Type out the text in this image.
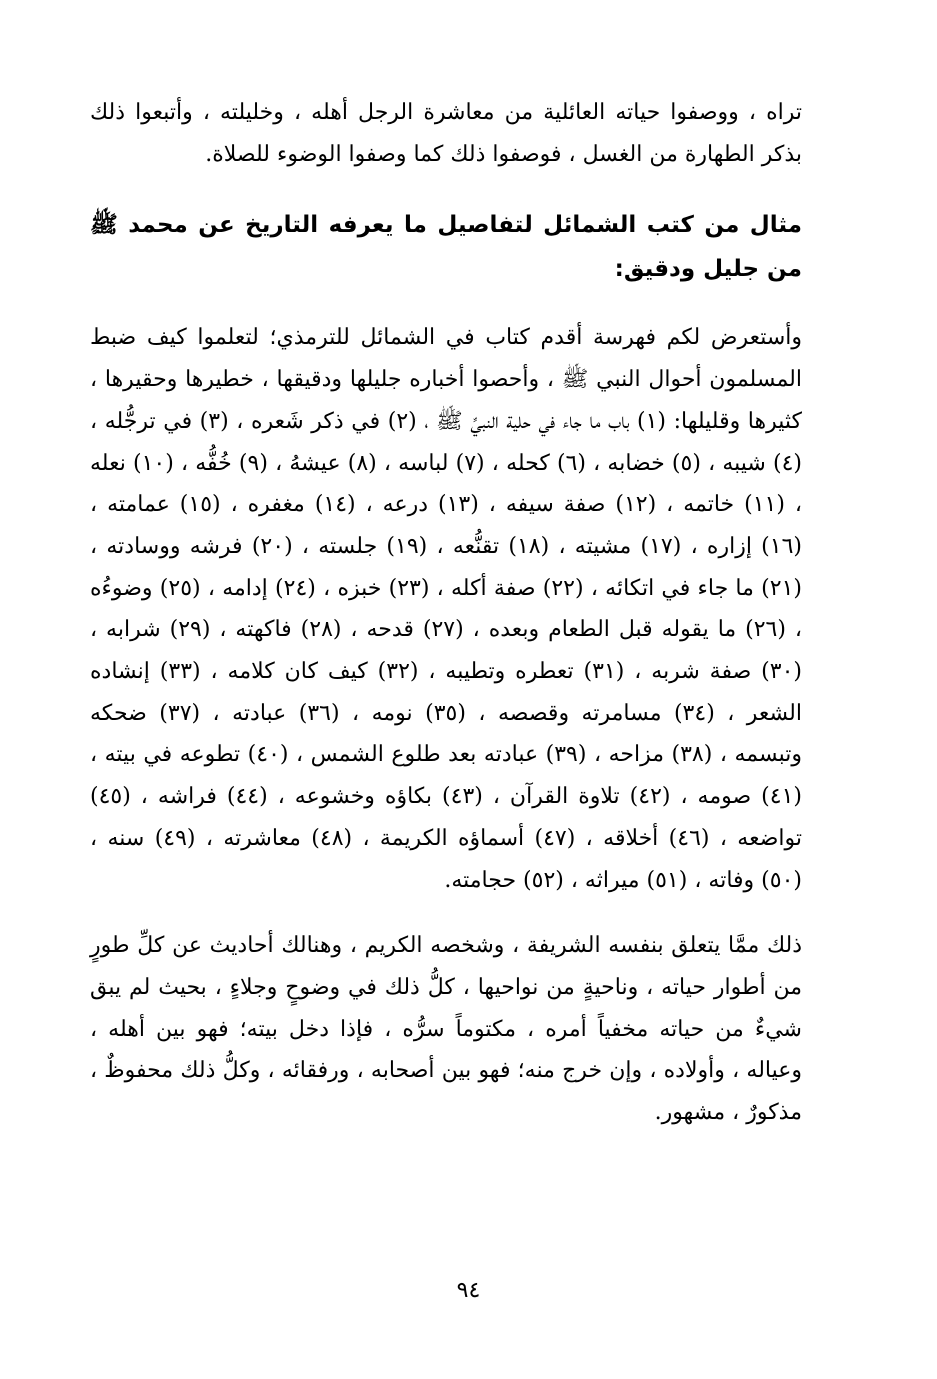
تراه ، ووصفوا حياته العائلية من معاشرة الرجل أهله ، وخليلته ، وأتبعوا ذلك بذكر الطهارة من الغسل ، فوصفوا ذلك كما وصفوا الوضوء للصلاة.

مثال من كتب الشمائل لتفاصيل ما يعرفه التاريخ عن محمد ﷺ من جليل ودقيق:

وأستعرض لكم فهرسة أقدم كتاب في الشمائل للترمذي؛ لتعلموا كيف ضبط المسلمون أحوال النبي ﷺ ، وأحصوا أخباره جليلها ودقيقها ، خطيرها وحقيرها ، كثيرها وقليلها: (١) باب ما جاء في حلية النبيِّ ﷺ ، (٢) في ذكر شَعره ، (٣) في ترجُّله ، (٤) شيبه ، (٥) خضابه ، (٦) كحله ، (٧) لباسه ، (٨) عيشهُ ، (٩) خُفُّه ، (١٠) نعله ، (١١) خاتمه ، (١٢) صفة سيفه ، (١٣) درعه ، (١٤) مغفره ، (١٥) عمامته ، (١٦) إزاره ، (١٧) مشيته ، (١٨) تقنُّعه ، (١٩) جلسته ، (٢٠) فرشه ووسادته ، (٢١) ما جاء في اتكائه ، (٢٢) صفة أكله ، (٢٣) خبزه ، (٢٤) إدامه ، (٢٥) وضوءُه ، (٢٦) ما يقوله قبل الطعام وبعده ، (٢٧) قدحه ، (٢٨) فاكهته ، (٢٩) شرابه ، (٣٠) صفة شربه ، (٣١) تعطره وتطيبه ، (٣٢) كيف كان كلامه ، (٣٣) إنشاده الشعر ، (٣٤) مسامرته وقصصه ، (٣٥) نومه ، (٣٦) عبادته ، (٣٧) ضحكه وتبسمه ، (٣٨) مزاحه ، (٣٩) عبادته بعد طلوع الشمس ، (٤٠) تطوعه في بيته ، (٤١) صومه ، (٤٢) تلاوة القرآن ، (٤٣) بكاؤه وخشوعه ، (٤٤) فراشه ، (٤٥) تواضعه ، (٤٦) أخلاقه ، (٤٧) أسماؤه الكريمة ، (٤٨) معاشرته ، (٤٩) سنه ، (٥٠) وفاته ، (٥١) ميراثه ، (٥٢) حجامته.

ذلك ممَّا يتعلق بنفسه الشريفة ، وشخصه الكريم ، وهنالك أحاديث عن كلِّ طورٍ من أطوار حياته ، وناحيةٍ من نواحيها ، كلُّ ذلك في وضوحٍ وجلاءٍ ، بحيث لم يبق شيءٌ من حياته مخفياً أمره ، مكتوماً سرُّه ، فإذا دخل بيته؛ فهو بين أهله ، وعياله ، وأولاده ، وإن خرج منه؛ فهو بين أصحابه ، ورفقائه ، وكلُّ ذلك محفوظٌ ، مذكورٌ ، مشهور.

٩٤
